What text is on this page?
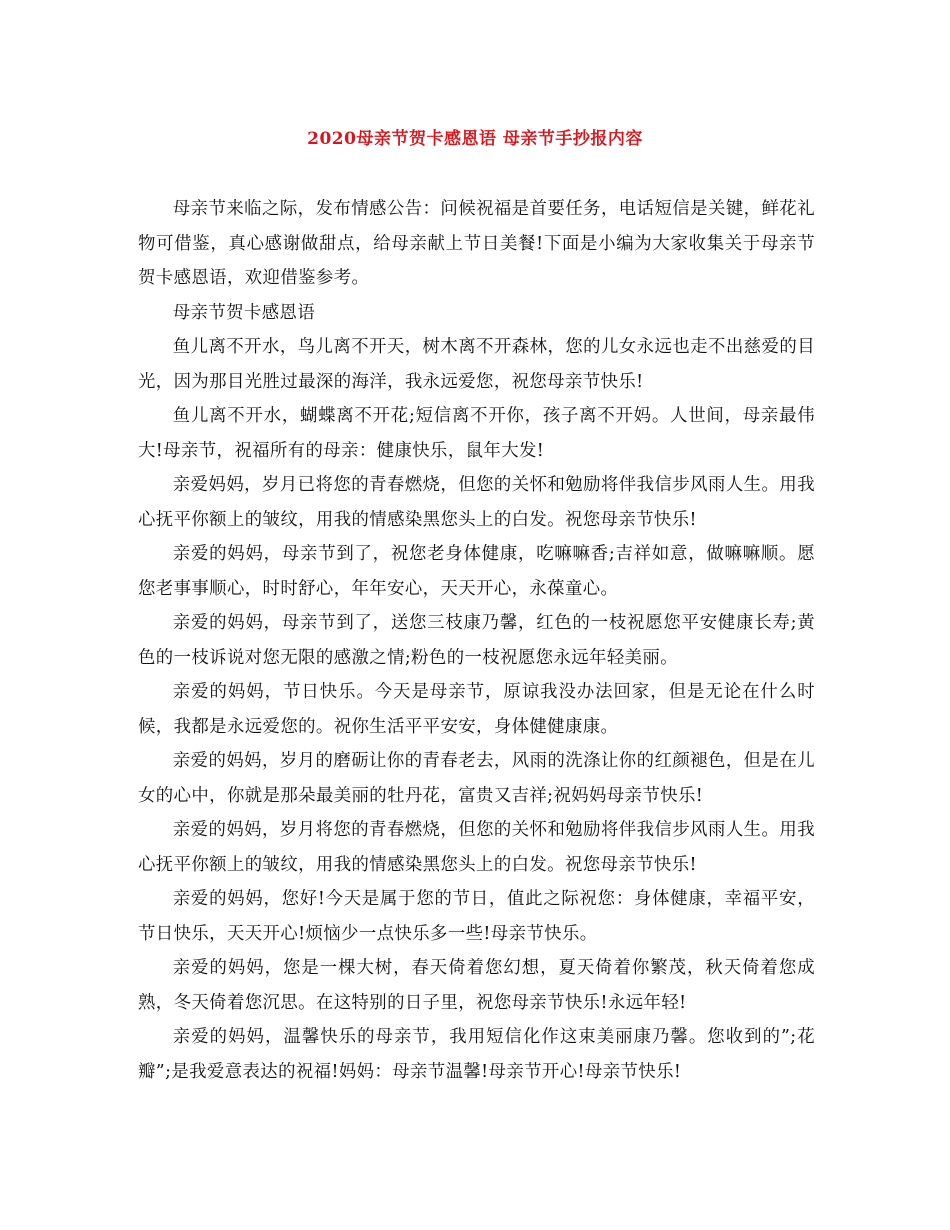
2020母亲节贺卡感恩语 母亲节手抄报内容

母亲节来临之际，发布情感公告：问候祝福是首要任务，电话短信是关键，鲜花礼物可借鉴，真心感谢做甜点，给母亲献上节日美餐!下面是小编为大家收集关于母亲节贺卡感恩语，欢迎借鉴参考。

母亲节贺卡感恩语

鱼儿离不开水，鸟儿离不开天，树木离不开森林，您的儿女永远也走不出慈爱的目光，因为那目光胜过最深的海洋，我永远爱您，祝您母亲节快乐!

鱼儿离不开水，蝴蝶离不开花;短信离不开你，孩子离不开妈。人世间，母亲最伟大!母亲节，祝福所有的母亲：健康快乐，鼠年大发!

亲爱妈妈，岁月已将您的青春燃烧，但您的关怀和勉励将伴我信步风雨人生。用我心抚平你额上的皱纹，用我的情感染黑您头上的白发。祝您母亲节快乐!

亲爱的妈妈，母亲节到了，祝您老身体健康，吃嘛嘛香;吉祥如意，做嘛嘛顺。愿您老事事顺心，时时舒心，年年安心，天天开心，永葆童心。

亲爱的妈妈，母亲节到了，送您三枝康乃馨，红色的一枝祝愿您平安健康长寿;黄色的一枝诉说对您无限的感激之情;粉色的一枝祝愿您永远年轻美丽。

亲爱的妈妈，节日快乐。今天是母亲节，原谅我没办法回家，但是无论在什么时候，我都是永远爱您的。祝你生活平平安安，身体健健康康。

亲爱的妈妈，岁月的磨砺让你的青春老去，风雨的洗涤让你的红颜褪色，但是在儿女的心中，你就是那朵最美丽的牡丹花，富贵又吉祥;祝妈妈母亲节快乐!

亲爱的妈妈，岁月将您的青春燃烧，但您的关怀和勉励将伴我信步风雨人生。用我心抚平你额上的皱纹，用我的情感染黑您头上的白发。祝您母亲节快乐!

亲爱的妈妈，您好!今天是属于您的节日，值此之际祝您：身体健康，幸福平安，节日快乐，天天开心!烦恼少一点快乐多一些!母亲节快乐。

亲爱的妈妈，您是一棵大树，春天倚着您幻想，夏天倚着你繁茂，秋天倚着您成熟，冬天倚着您沉思。在这特别的日子里，祝您母亲节快乐!永远年轻!

亲爱的妈妈，温馨快乐的母亲节，我用短信化作这束美丽康乃馨。您收到的”;花瓣”;是我爱意表达的祝福!妈妈：母亲节温馨!母亲节开心!母亲节快乐!
